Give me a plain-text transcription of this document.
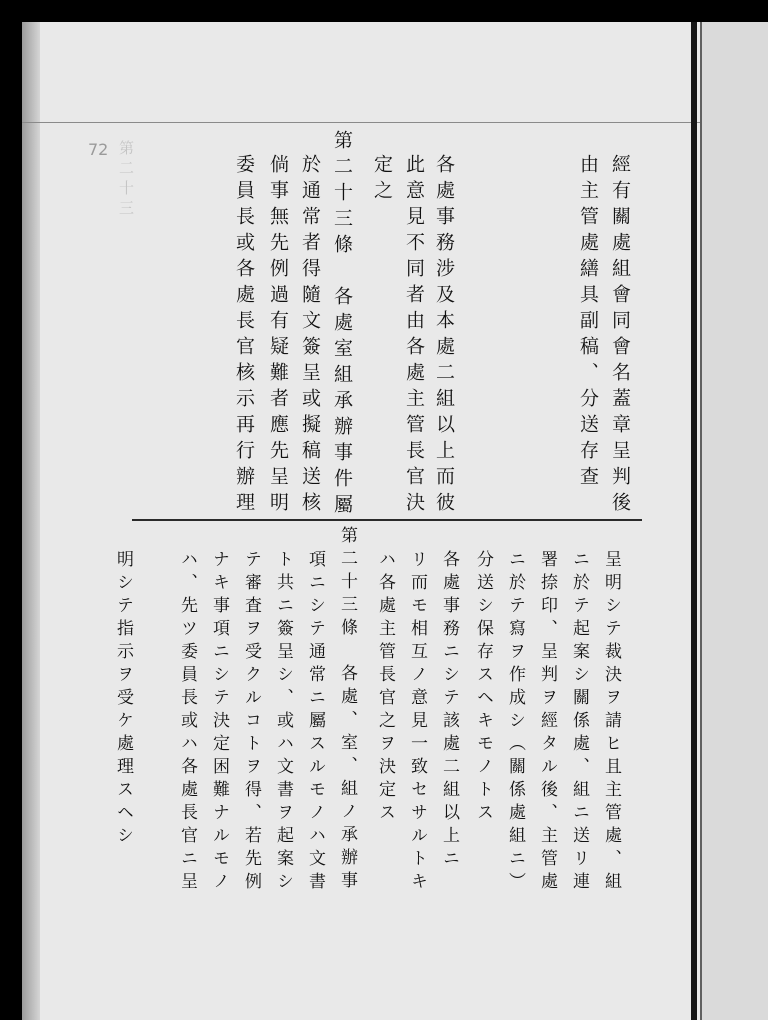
72 第二十三	經有關處組會同會名蓋章呈判後
由主管處繕具副稿、分送存查
各處事務涉及本處二組以上而彼
此意見不同者由各處主管長官決
定之
第二十三條　各處室組承辦事件屬
於通常者得隨文簽呈或擬稿送核
倘事無先例過有疑難者應先呈明
委員長或各處長官核示再行辦理
呈明シテ裁決ヲ請ヒ且主管處、組
ニ於テ起案シ關係處、組ニ送リ連
署捺印、呈判ヲ經タル後、主管處
ニ於テ寫ヲ作成シ（關係處組ニ）
分送シ保存スヘキモノトス
各處事務ニシテ該處二組以上ニ
リ而モ相互ノ意見一致セサルトキ
ハ各處主管長官之ヲ決定ス
第二十三條　各處、室、組ノ承辦事
項ニシテ通常ニ屬スルモノハ文書
ト共ニ簽呈シ、或ハ文書ヲ起案シ
テ審査ヲ受クルコトヲ得、若先例
ナキ事項ニシテ決定困難ナルモノ
ハ、先ツ委員長或ハ各處長官ニ呈
明シテ指示ヲ受ケ處理スヘシ
